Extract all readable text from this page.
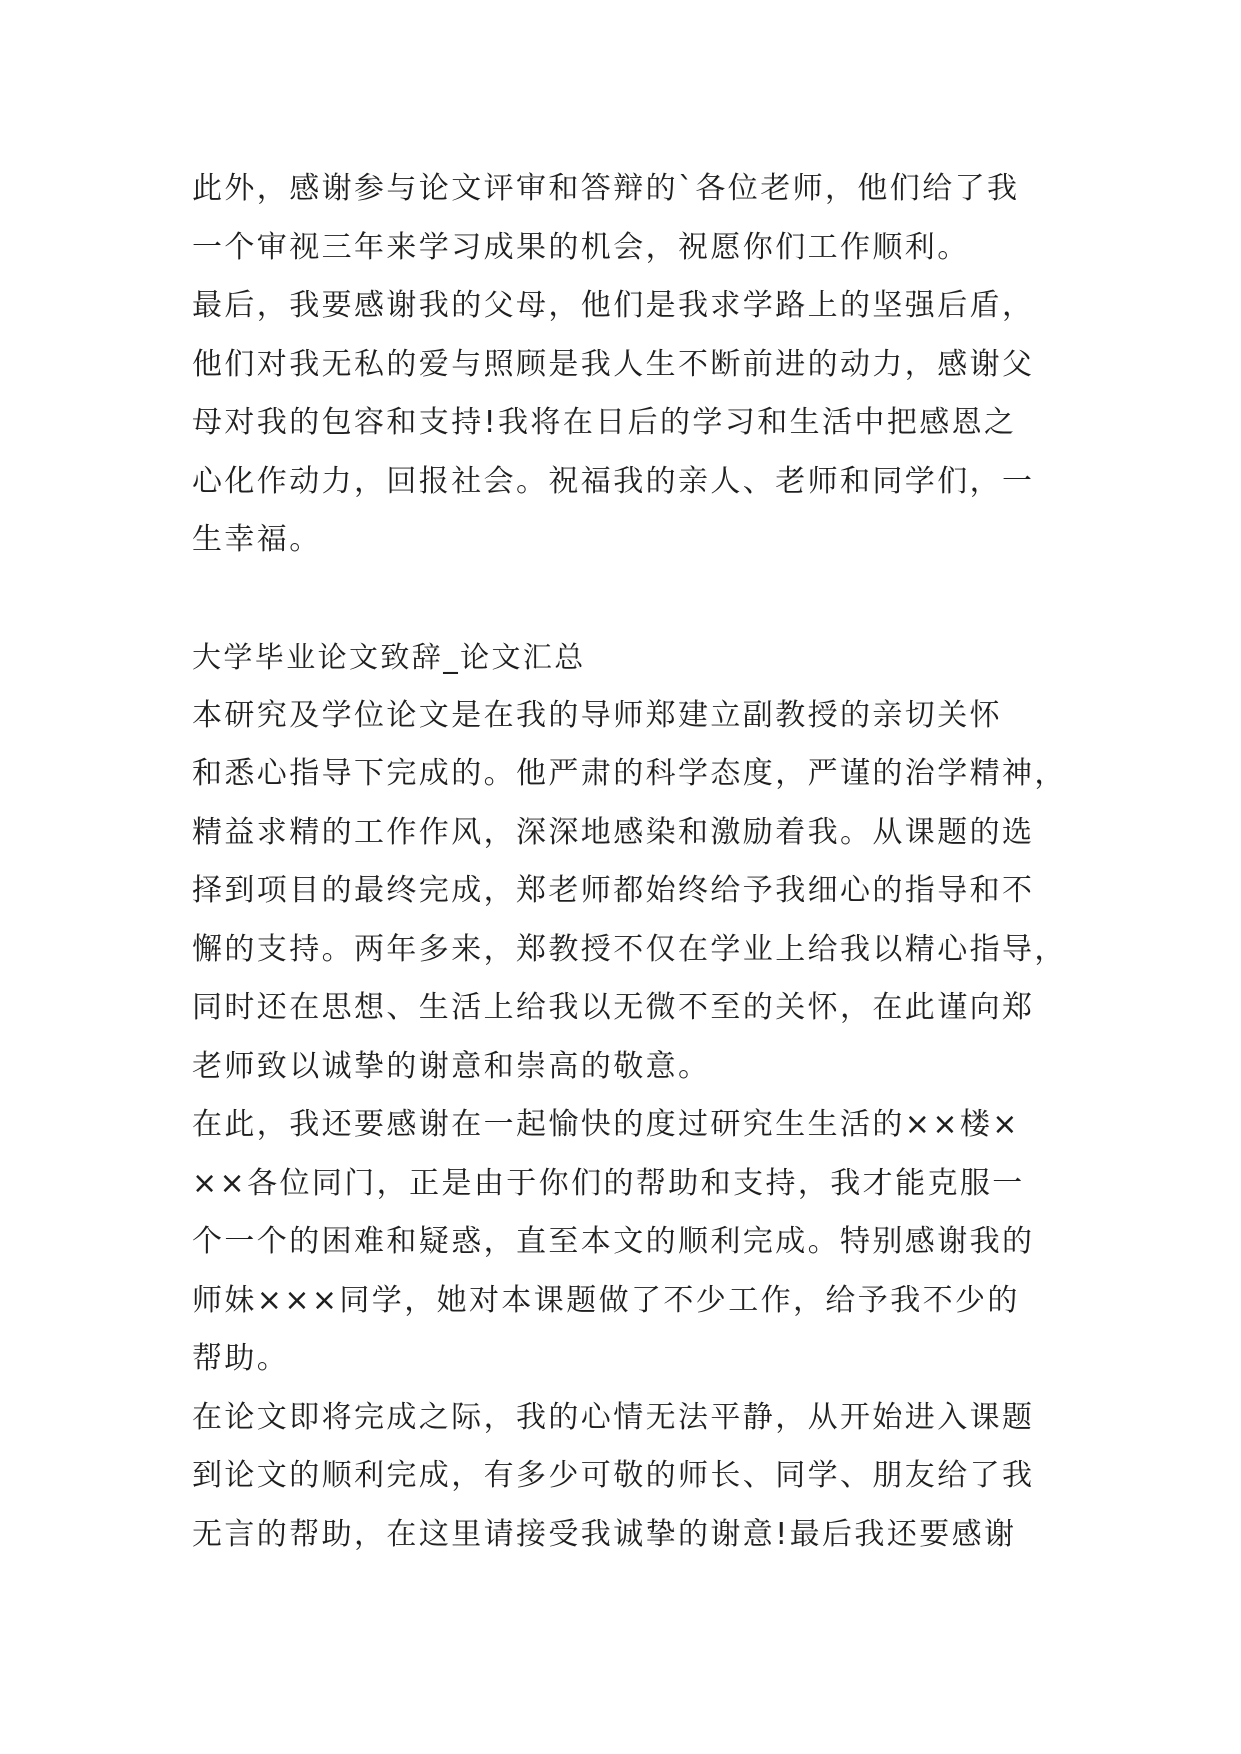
此外，感谢参与论文评审和答辩的`各位老师，他们给了我
一个审视三年来学习成果的机会，祝愿你们工作顺利。
最后，我要感谢我的父母，他们是我求学路上的坚强后盾，
他们对我无私的爱与照顾是我人生不断前进的动力，感谢父
母对我的包容和支持!我将在日后的学习和生活中把感恩之
心化作动力，回报社会。祝福我的亲人、老师和同学们，一
生幸福。
大学毕业论文致辞_论文汇总
本研究及学位论文是在我的导师郑建立副教授的亲切关怀
和悉心指导下完成的。他严肃的科学态度，严谨的治学精神，
精益求精的工作作风，深深地感染和激励着我。从课题的选
择到项目的最终完成，郑老师都始终给予我细心的指导和不
懈的支持。两年多来，郑教授不仅在学业上给我以精心指导，
同时还在思想、生活上给我以无微不至的关怀，在此谨向郑
老师致以诚挚的谢意和崇高的敬意。
在此，我还要感谢在一起愉快的度过研究生生活的××楼×
××各位同门，正是由于你们的帮助和支持，我才能克服一
个一个的困难和疑惑，直至本文的顺利完成。特别感谢我的
师妹×××同学，她对本课题做了不少工作，给予我不少的
帮助。
在论文即将完成之际，我的心情无法平静，从开始进入课题
到论文的顺利完成，有多少可敬的师长、同学、朋友给了我
无言的帮助，在这里请接受我诚挚的谢意!最后我还要感谢
